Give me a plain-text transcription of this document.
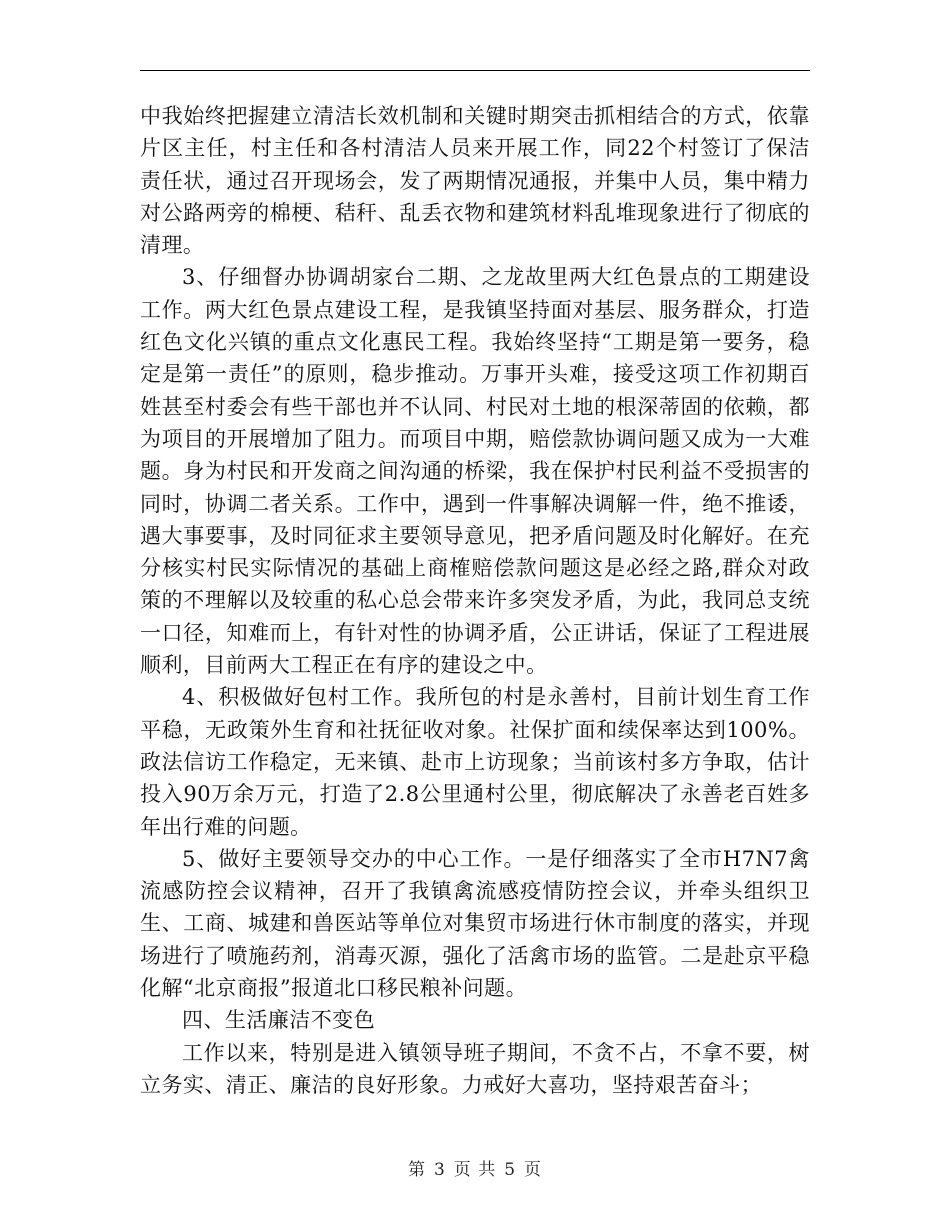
中我始终把握建立清洁长效机制和关键时期突击抓相结合的方式，依靠片区主任，村主任和各村清洁人员来开展工作，同22个村签订了保洁责任状，通过召开现场会，发了两期情况通报，并集中人员，集中精力对公路两旁的棉梗、秸秆、乱丢衣物和建筑材料乱堆现象进行了彻底的清理。

3、仔细督办协调胡家台二期、之龙故里两大红色景点的工期建设工作。两大红色景点建设工程，是我镇坚持面对基层、服务群众，打造红色文化兴镇的重点文化惠民工程。我始终坚持“工期是第一要务，稳定是第一责任”的原则，稳步推动。万事开头难，接受这项工作初期百姓甚至村委会有些干部也并不认同、村民对土地的根深蒂固的依赖，都为项目的开展增加了阻力。而项目中期，赔偿款协调问题又成为一大难题。身为村民和开发商之间沟通的桥梁，我在保护村民利益不受损害的同时，协调二者关系。工作中，遇到一件事解决调解一件，绝不推诿，遇大事要事，及时同征求主要领导意见，把矛盾问题及时化解好。在充分核实村民实际情况的基础上商榷赔偿款问题这是必经之路,群众对政策的不理解以及较重的私心总会带来许多突发矛盾，为此，我同总支统一口径，知难而上，有针对性的协调矛盾，公正讲话，保证了工程进展顺利，目前两大工程正在有序的建设之中。

4、积极做好包村工作。我所包的村是永善村，目前计划生育工作平稳，无政策外生育和社抚征收对象。社保扩面和续保率达到100%。政法信访工作稳定，无来镇、赴市上访现象；当前该村多方争取，估计投入90万余万元，打造了2.8公里通村公里，彻底解决了永善老百姓多年出行难的问题。

5、做好主要领导交办的中心工作。一是仔细落实了全市H7N7禽流感防控会议精神，召开了我镇禽流感疫情防控会议，并牵头组织卫生、工商、城建和兽医站等单位对集贸市场进行休市制度的落实，并现场进行了喷施药剂，消毒灭源，强化了活禽市场的监管。二是赴京平稳化解“北京商报”报道北口移民粮补问题。

四、生活廉洁不变色

工作以来，特别是进入镇领导班子期间，不贪不占，不拿不要，树立务实、清正、廉洁的良好形象。力戒好大喜功，坚持艰苦奋斗；

第 3 页 共 5 页
